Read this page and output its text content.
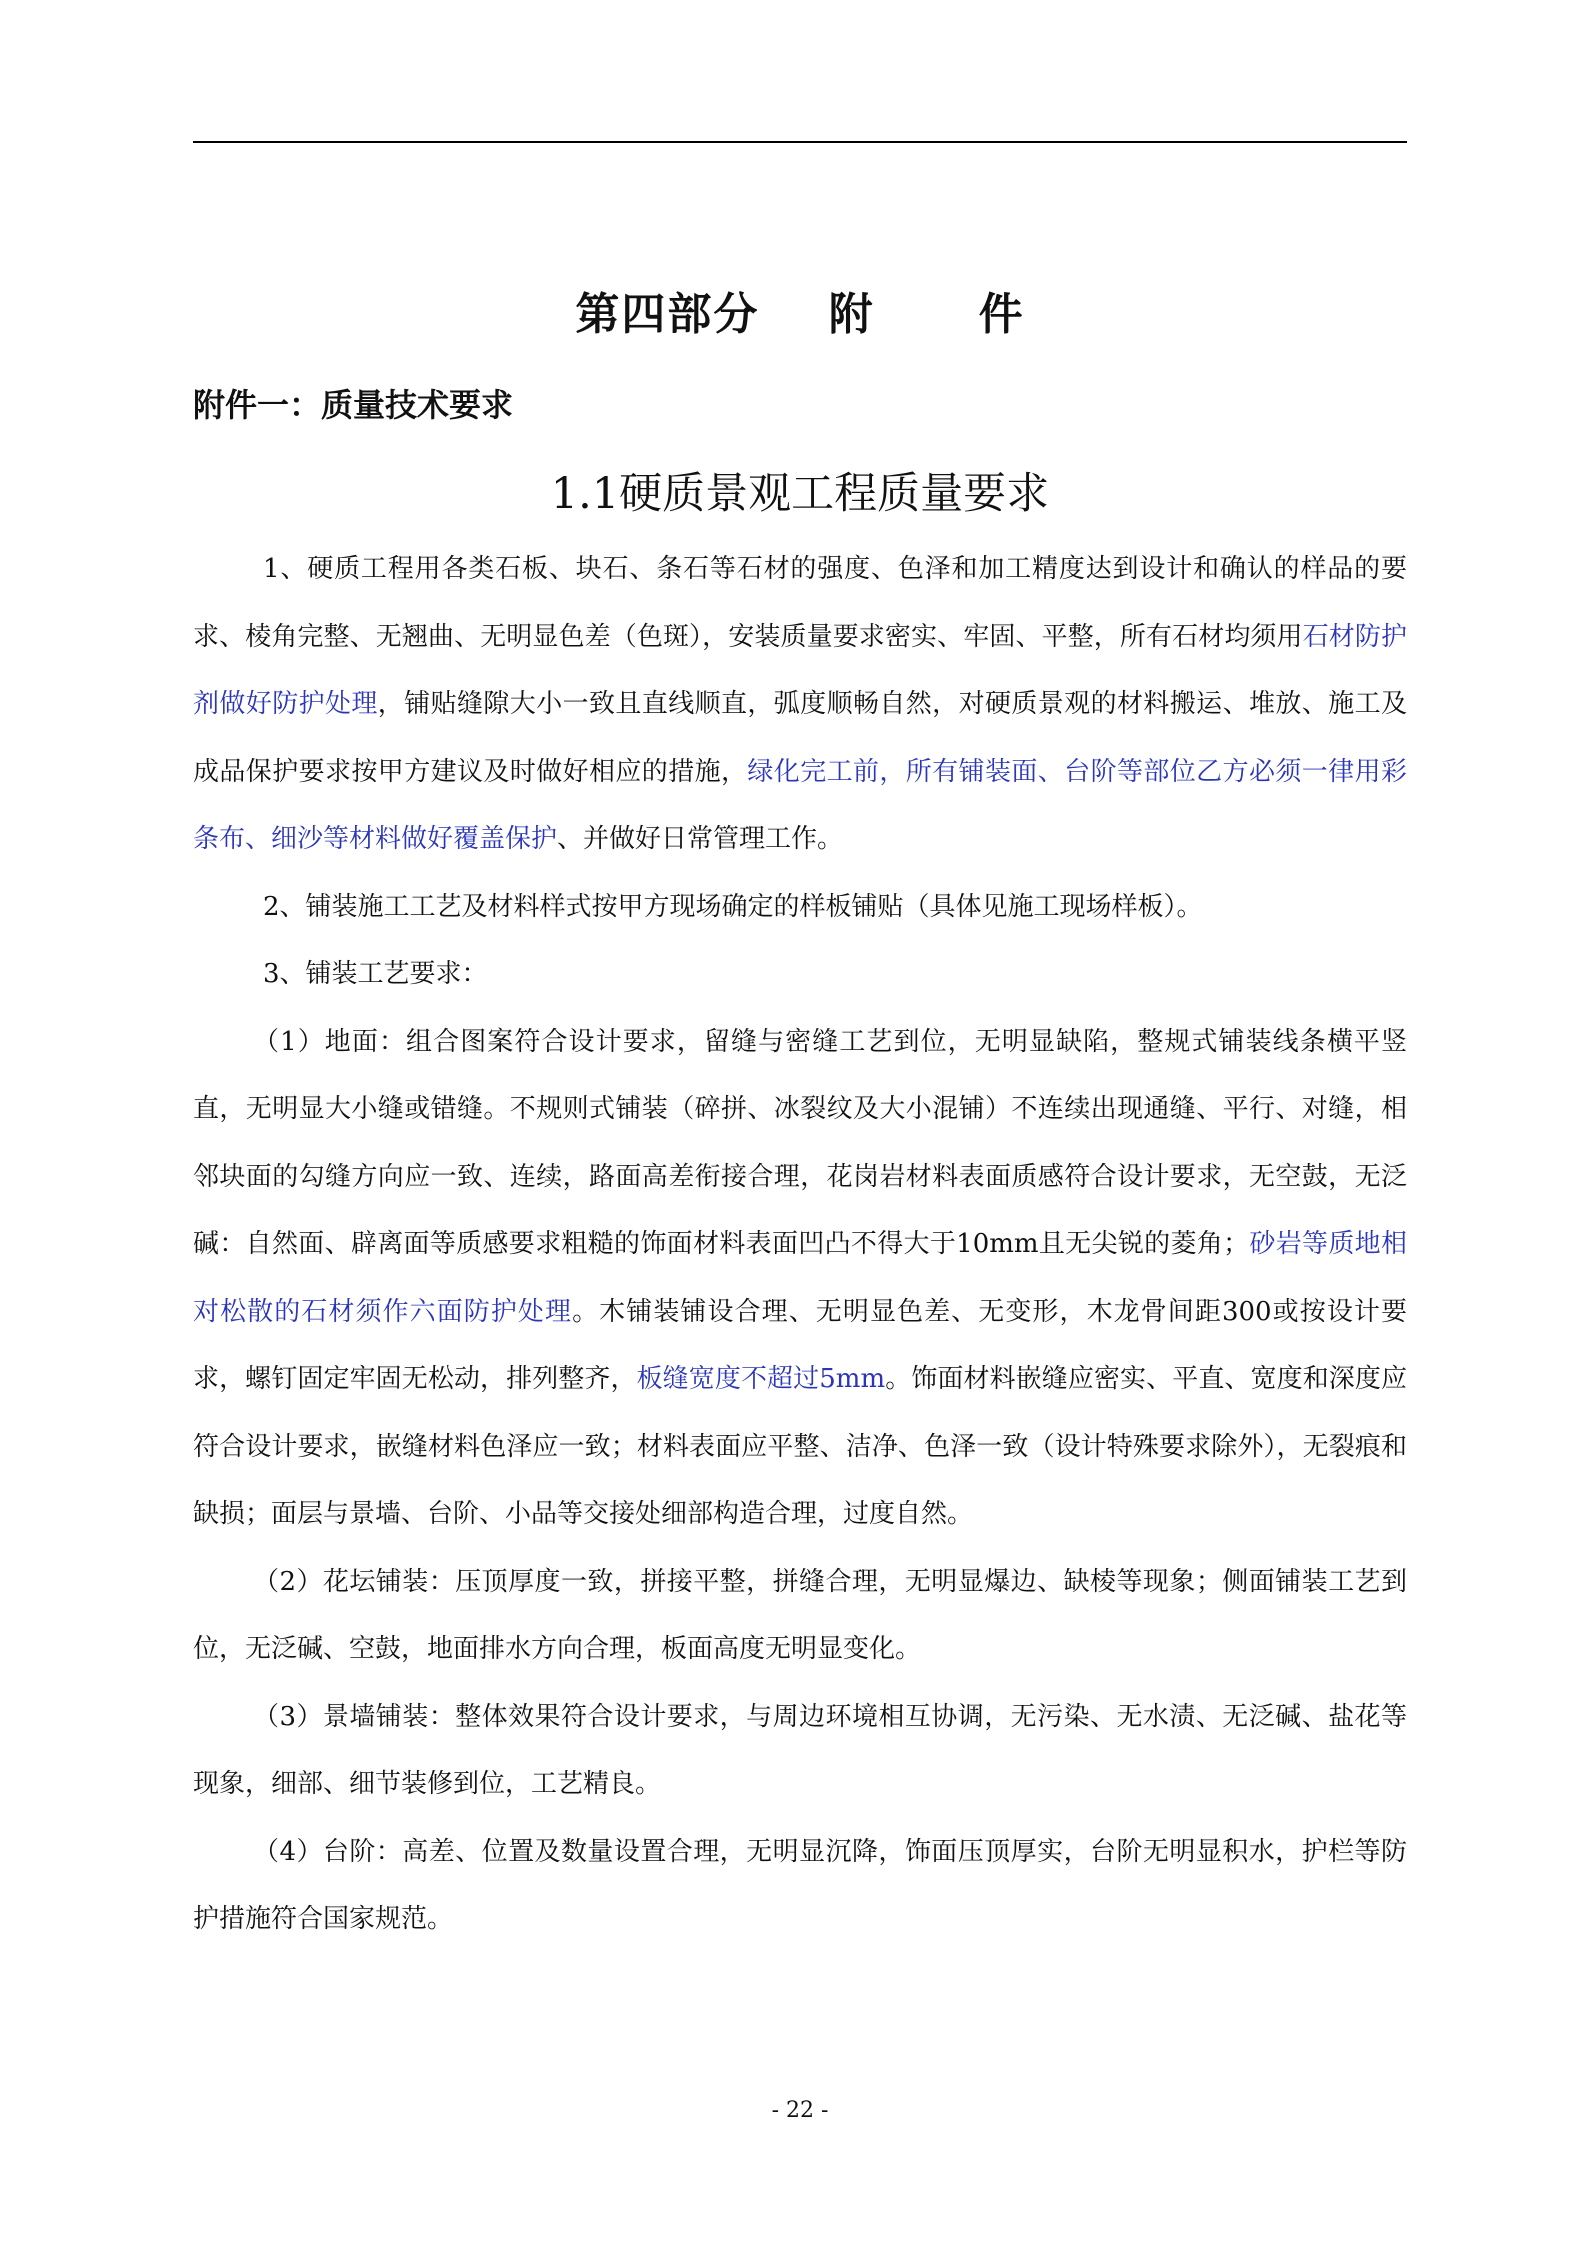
第四部分 附 件
附件一：质量技术要求
1.1硬质景观工程质量要求

1、硬质工程用各类石板、块石、条石等石材的强度、色泽和加工精度达到设计和确认的样品的要求、棱角完整、无翘曲、无明显色差（色斑），安装质量要求密实、牢固、平整，所有石材均须用石材防护剂做好防护处理，铺贴缝隙大小一致且直线顺直，弧度顺畅自然，对硬质景观的材料搬运、堆放、施工及成品保护要求按甲方建议及时做好相应的措施，绿化完工前，所有铺装面、台阶等部位乙方必须一律用彩条布、细沙等材料做好覆盖保护、并做好日常管理工作。

2、铺装施工工艺及材料样式按甲方现场确定的样板铺贴（具体见施工现场样板）。

3、铺装工艺要求：

（1）地面：组合图案符合设计要求，留缝与密缝工艺到位，无明显缺陷，整规式铺装线条横平竖直，无明显大小缝或错缝。不规则式铺装（碎拼、冰裂纹及大小混铺）不连续出现通缝、平行、对缝，相邻块面的勾缝方向应一致、连续，路面高差衔接合理，花岗岩材料表面质感符合设计要求，无空鼓，无泛碱：自然面、辟离面等质感要求粗糙的饰面材料表面凹凸不得大于10mm且无尖锐的菱角；砂岩等质地相对松散的石材须作六面防护处理。木铺装铺设合理、无明显色差、无变形，木龙骨间距300或按设计要求，螺钉固定牢固无松动，排列整齐，板缝宽度不超过5mm。饰面材料嵌缝应密实、平直、宽度和深度应符合设计要求，嵌缝材料色泽应一致；材料表面应平整、洁净、色泽一致（设计特殊要求除外），无裂痕和缺损；面层与景墙、台阶、小品等交接处细部构造合理，过度自然。

（2）花坛铺装：压顶厚度一致，拼接平整，拼缝合理，无明显爆边、缺棱等现象；侧面铺装工艺到位，无泛碱、空鼓，地面排水方向合理，板面高度无明显变化。

（3）景墙铺装：整体效果符合设计要求，与周边环境相互协调，无污染、无水渍、无泛碱、盐花等现象，细部、细节装修到位，工艺精良。

（4）台阶：高差、位置及数量设置合理，无明显沉降，饰面压顶厚实，台阶无明显积水，护栏等防护措施符合国家规范。

- 22 -
